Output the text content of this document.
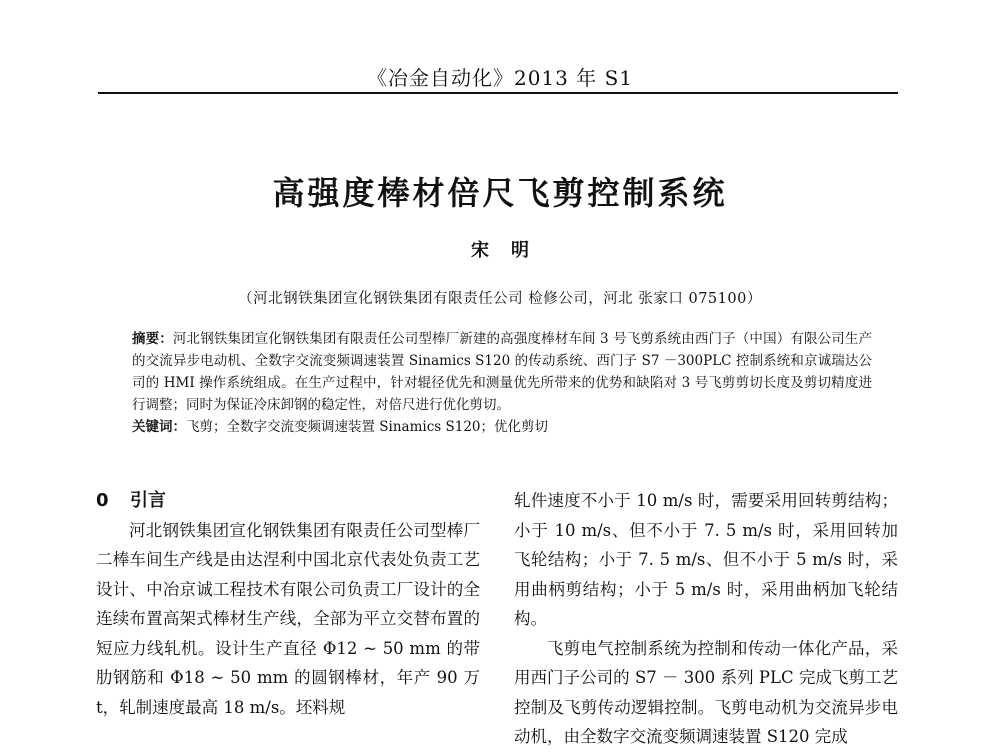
《冶金自动化》2013 年 S1
高强度棒材倍尺飞剪控制系统
宋明
（河北钢铁集团宣化钢铁集团有限责任公司 检修公司，河北 张家口 075100）

摘要：河北钢铁集团宣化钢铁集团有限责任公司型棒厂新建的高强度棒材车间 3 号飞剪系统由西门子（中国）有限公司生产的交流异步电动机、全数字交流变频调速装置 Sinamics S120 的传动系统、西门子 S7 －300PLC 控制系统和京诚瑞达公司的 HMI 操作系统组成。在生产过程中，针对辊径优先和测量优先所带来的优势和缺陷对 3 号飞剪剪切长度及剪切精度进行调整；同时为保证冷床卸钢的稳定性，对倍尺进行优化剪切。

关键词：飞剪；全数字交流变频调速装置 Sinamics S120；优化剪切

0 引言

河北钢铁集团宣化钢铁集团有限责任公司型棒厂二棒车间生产线是由达涅利中国北京代表处负责工艺设计、中冶京诚工程技术有限公司负责工厂设计的全连续布置高架式棒材生产线，全部为平立交替布置的短应力线轧机。设计生产直径 Φ12 ~ 50 mm 的带肋钢筋和 Φ18 ~ 50 mm 的圆钢棒材，年产 90 万 t，轧制速度最高 18 m/s。坯料规

轧件速度不小于 10 m/s 时，需要采用回转剪结构；小于 10 m/s、但不小于 7. 5 m/s 时，采用回转加飞轮结构；小于 7. 5 m/s、但不小于 5 m/s 时，采用曲柄剪结构；小于 5 m/s 时，采用曲柄加飞轮结构。

飞剪电气控制系统为控制和传动一体化产品，采用西门子公司的 S7 － 300 系列 PLC 完成飞剪工艺控制及飞剪传动逻辑控制。飞剪电动机为交流异步电动机，由全数字交流变频调速装置 S120 完成
